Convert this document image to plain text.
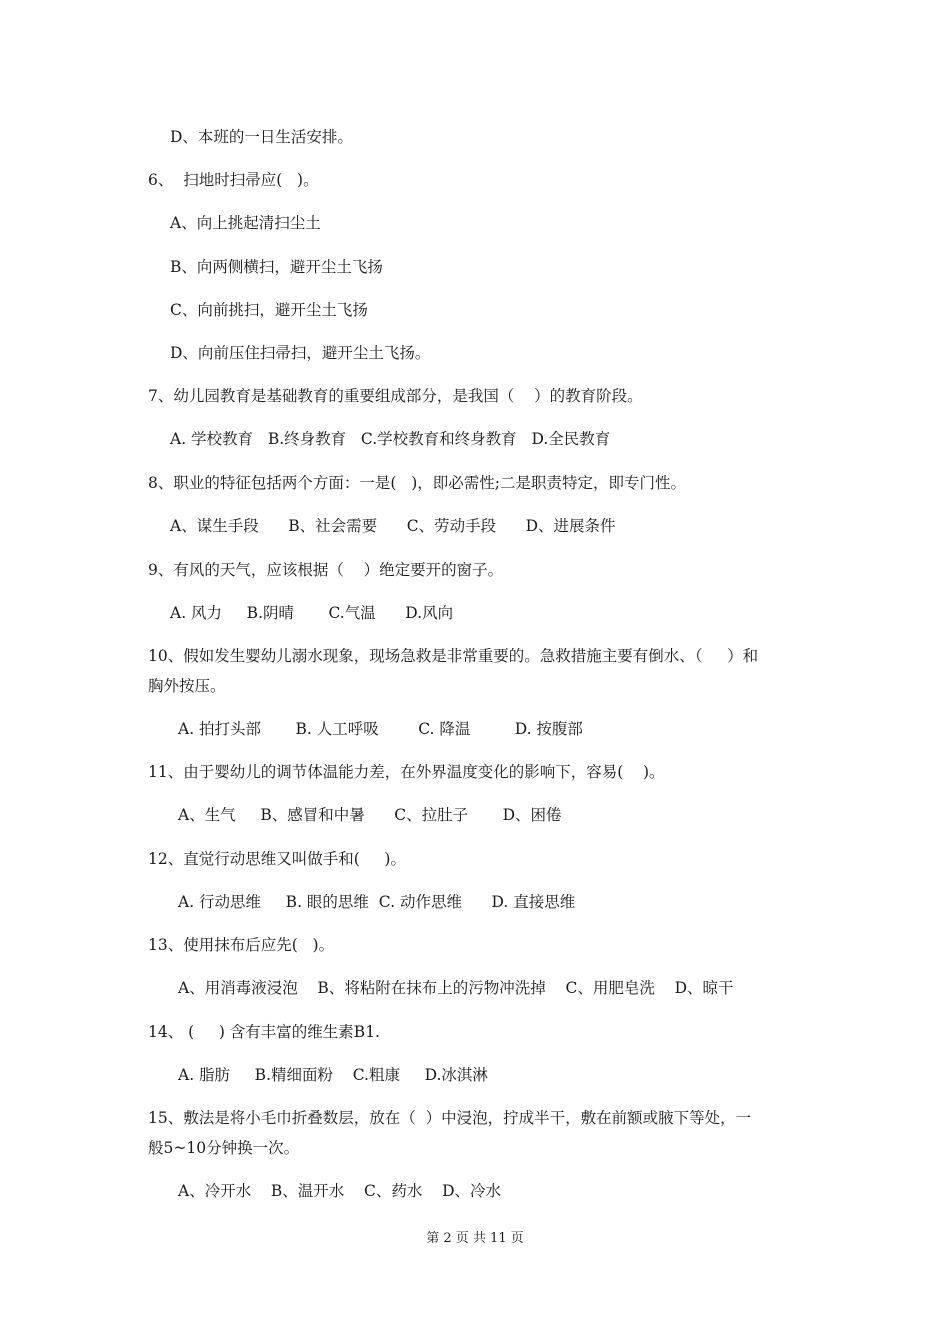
D、本班的一日生活安排。
6、  扫地时扫帚应(   )。
A、向上挑起清扫尘土
B、向两侧横扫，避开尘土飞扬
C、向前挑扫，避开尘土飞扬
D、向前压住扫帚扫，避开尘土飞扬。
7、幼儿园教育是基础教育的重要组成部分，是我国（    ）的教育阶段。
A. 学校教育   B.终身教育   C.学校教育和终身教育   D.全民教育
8、职业的特征包括两个方面：一是(   )，即必需性;二是职责特定，即专门性。
A、谋生手段      B、社会需要      C、劳动手段      D、进展条件
9、有风的天气，应该根据（    ）绝定要开的窗子。
A. 风力     B.阴晴       C.气温      D.风向
10、假如发生婴幼儿溺水现象，现场急救是非常重要的。急救措施主要有倒水、（     ）和
胸外按压。
A. 拍打头部       B. 人工呼吸        C. 降温         D. 按腹部
11、由于婴幼儿的调节体温能力差，在外界温度变化的影响下，容易(    )。
A、生气     B、感冒和中暑      C、拉肚子       D、困倦
12、直觉行动思维又叫做手和(     )。
A. 行动思维     B. 眼的思维  C. 动作思维      D. 直接思维
13、使用抹布后应先(   )。
A、用消毒液浸泡    B、将粘附在抹布上的污物冲洗掉    C、用肥皂洗    D、晾干
14、 (     ) 含有丰富的维生素B1.
A. 脂肪     B.精细面粉    C.粗康     D.冰淇淋
15、敷法是将小毛巾折叠数层，放在（  ）中浸泡，拧成半干，敷在前额或腋下等处，一
般5~10分钟换一次。
A、冷开水    B、温开水    C、药水    D、冷水
第 2 页 共 11 页
